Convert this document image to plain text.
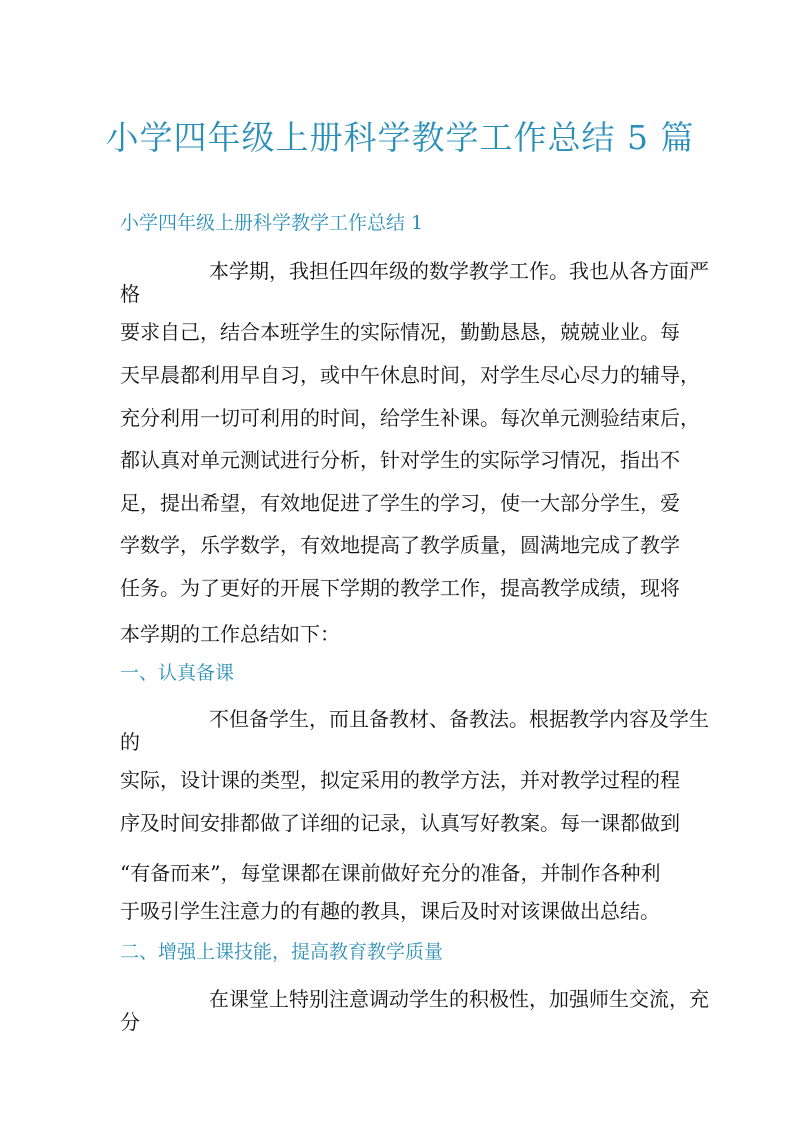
小学四年级上册科学教学工作总结 5 篇
小学四年级上册科学教学工作总结 1
本学期，我担任四年级的数学教学工作。我也从各方面严
格
要求自己，结合本班学生的实际情况，勤勤恳恳，兢兢业业。每
天早晨都利用早自习，或中午休息时间，对学生尽心尽力的辅导，
充分利用一切可利用的时间，给学生补课。每次单元测验结束后，
都认真对单元测试进行分析，针对学生的实际学习情况，指出不
足，提出希望，有效地促进了学生的学习，使一大部分学生，爱
学数学，乐学数学，有效地提高了教学质量，圆满地完成了教学
任务。为了更好的开展下学期的教学工作，提高教学成绩，现将
本学期的工作总结如下：
一、认真备课
不但备学生，而且备教材、备教法。根据教学内容及学生
的
实际，设计课的类型，拟定采用的教学方法，并对教学过程的程
序及时间安排都做了详细的记录，认真写好教案。每一课都做到
“有备而来”，每堂课都在课前做好充分的准备，并制作各种利
于吸引学生注意力的有趣的教具，课后及时对该课做出总结。
二、增强上课技能，提高教育教学质量
在课堂上特别注意调动学生的积极性，加强师生交流，充
分
